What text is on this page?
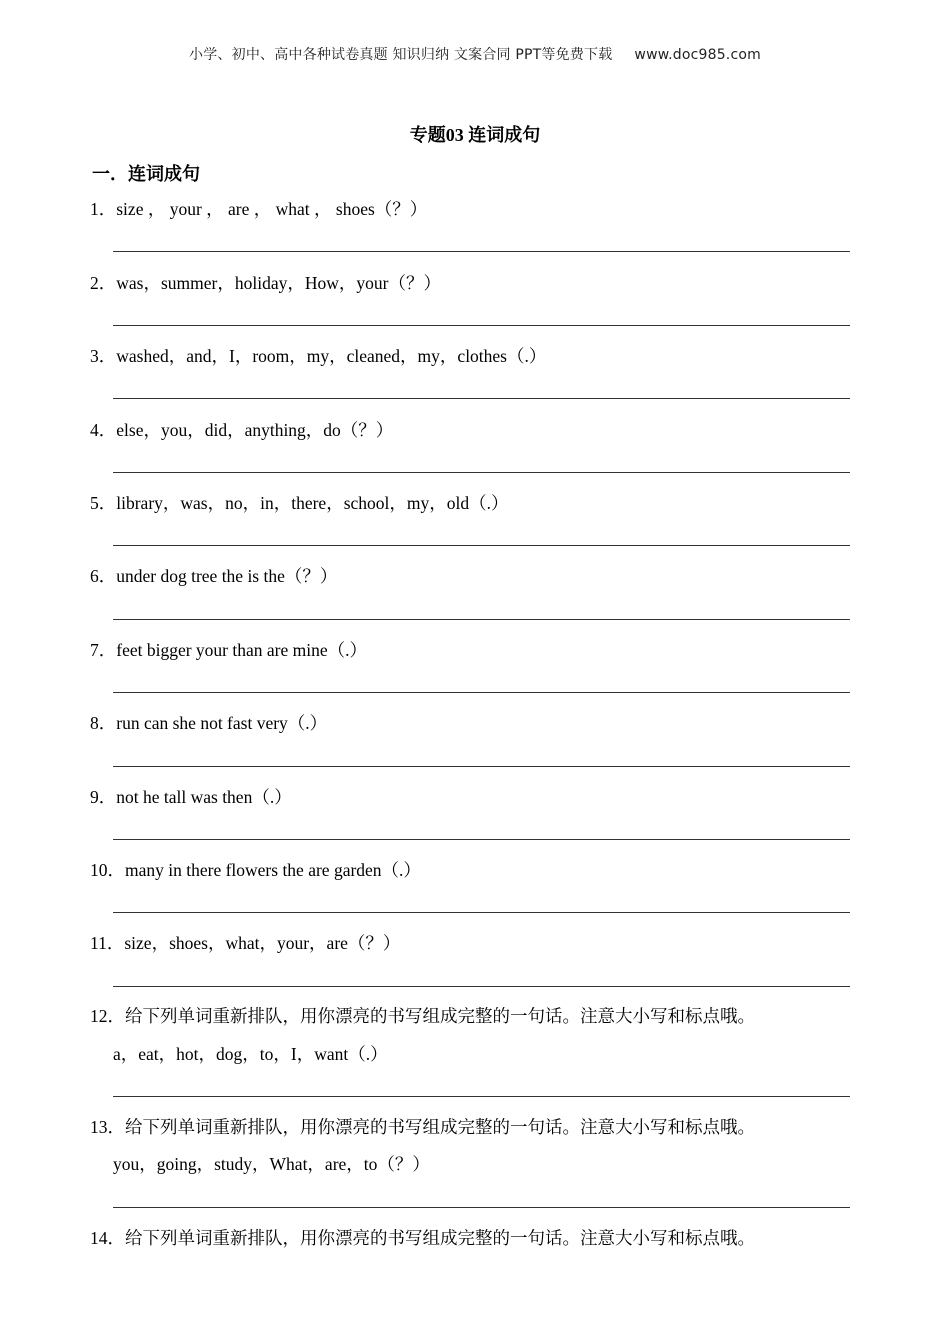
小学、初中、高中各种试卷真题 知识归纳 文案合同 PPT等免费下载 www.doc985.com
专题03 连词成句
一．连词成句
1．size ， your ， are ， what ， shoes（？）
2．was，summer，holiday，How，your（？）
3．washed，and，I，room，my，cleaned，my，clothes（.）
4．else，you，did，anything，do（？）
5．library，was，no，in，there，school，my，old（.）
6．under dog tree the is the（？）
7．feet bigger your than are mine（.）
8．run can she not fast very（.）
9．not he tall was then（.）
10．many in there flowers the are garden（.）
11．size，shoes，what，your，are（？）
12．给下列单词重新排队，用你漂亮的书写组成完整的一句话。注意大小写和标点哦。
a，eat，hot，dog，to，I，want（.）
13．给下列单词重新排队，用你漂亮的书写组成完整的一句话。注意大小写和标点哦。
you，going，study，What，are，to（？）
14．给下列单词重新排队，用你漂亮的书写组成完整的一句话。注意大小写和标点哦。
